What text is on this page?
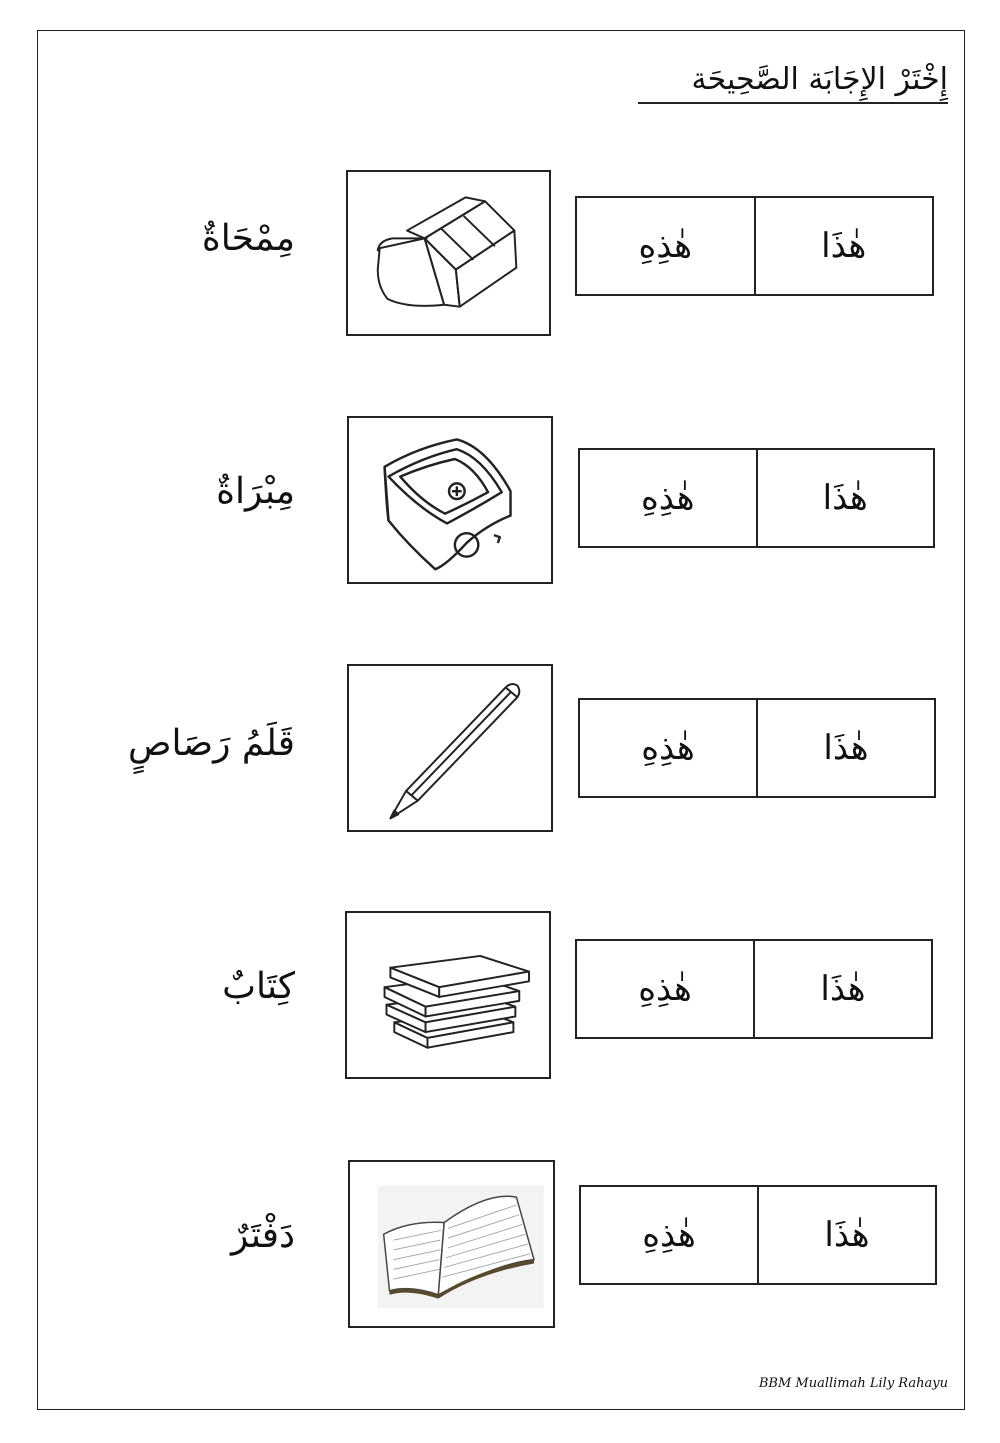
إِخْتَرْ الإِجَابَة الصَّحِيحَة
مِمْحَاةٌ	هٰذِهِ	هٰذَا
مِبْرَاةٌ	هٰذِهِ	هٰذَا
قَلَمُ رَصَاصٍ	هٰذِهِ	هٰذَا
كِتَابٌ	هٰذِهِ	هٰذَا
دَفْتَرٌ	هٰذِهِ	هٰذَا
BBM Muallimah Lily Rahayu
